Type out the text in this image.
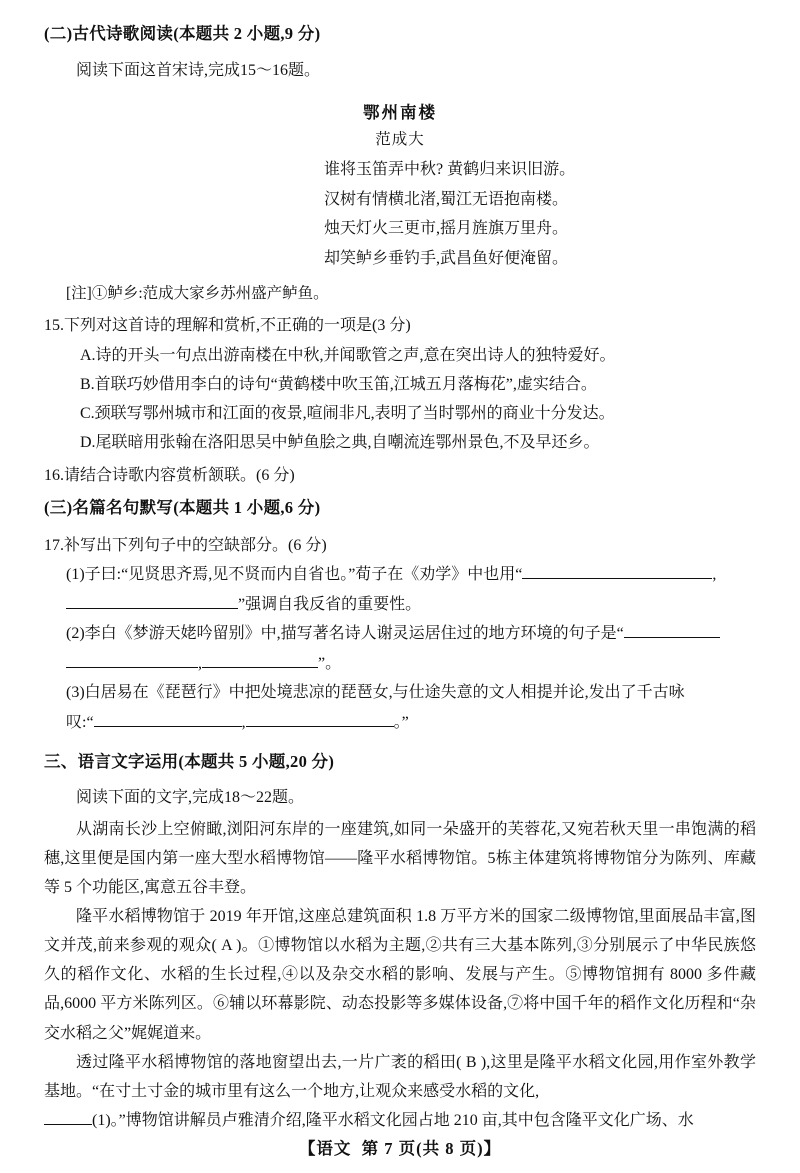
(二)古代诗歌阅读(本题共 2 小题,9 分)
阅读下面这首宋诗,完成15～16题。
鄂州南楼
范成大
谁将玉笛弄中秋? 黄鹤归来识旧游。
汉树有情横北渚,蜀江无语抱南楼。
烛天灯火三更市,摇月旌旗万里舟。
却笑鲈乡垂钓手,武昌鱼好便淹留。
[注]①鲈乡:范成大家乡苏州盛产鲈鱼。
15.下列对这首诗的理解和赏析,不正确的一项是(3 分)
A.诗的开头一句点出游南楼在中秋,并闻歌管之声,意在突出诗人的独特爱好。
B.首联巧妙借用李白的诗句“黄鹤楼中吹玉笛,江城五月落梅花”,虚实结合。
C.颈联写鄂州城市和江面的夜景,喧闹非凡,表明了当时鄂州的商业十分发达。
D.尾联暗用张翰在洛阳思吴中鲈鱼脍之典,自嘲流连鄂州景色,不及早还乡。
16.请结合诗歌内容赏析颔联。(6 分)
(三)名篇名句默写(本题共 1 小题,6 分)
17.补写出下列句子中的空缺部分。(6 分)
(1)子曰:“见贤思齐焉,见不贤而内自省也。”荀子在《劝学》中也用“	,
”强调自我反省的重要性。
(2)李白《梦游天姥吟留别》中,描写著名诗人谢灵运居住过的地方环境的句子是“
,	”。
(3)白居易在《琵琶行》中把处境悲凉的琵琶女,与仕途失意的文人相提并论,发出了千古咏
叹:“	,	。”
三、语言文字运用(本题共 5 小题,20 分)
阅读下面的文字,完成18～22题。
从湖南长沙上空俯瞰,浏阳河东岸的一座建筑,如同一朵盛开的芙蓉花,又宛若秋天里一串饱满的稻穗,这里便是国内第一座大型水稻博物馆——隆平水稻博物馆。5栋主体建筑将博物馆分为陈列、库藏等 5 个功能区,寓意五谷丰登。
隆平水稻博物馆于 2019 年开馆,这座总建筑面积 1.8 万平方米的国家二级博物馆,里面展品丰富,图文并茂,前来参观的观众( A )。①博物馆以水稻为主题,②共有三大基本陈列,③分别展示了中华民族悠久的稻作文化、水稻的生长过程,④以及杂交水稻的影响、发展与产生。⑤博物馆拥有 8000 多件藏品,6000 平方米陈列区。⑥辅以环幕影院、动态投影等多媒体设备,⑦将中国千年的稻作文化历程和“杂交水稻之父”娓娓道来。
透过隆平水稻博物馆的落地窗望出去,一片广袤的稻田( B ),这里是隆平水稻文化园,用作室外教学基地。“在寸土寸金的城市里有这么一个地方,让观众来感受水稻的文化,
(1)。”博物馆讲解员卢雅清介绍,隆平水稻文化园占地 210 亩,其中包含隆平文化广场、水
【语文 第 7 页(共 8 页)】
